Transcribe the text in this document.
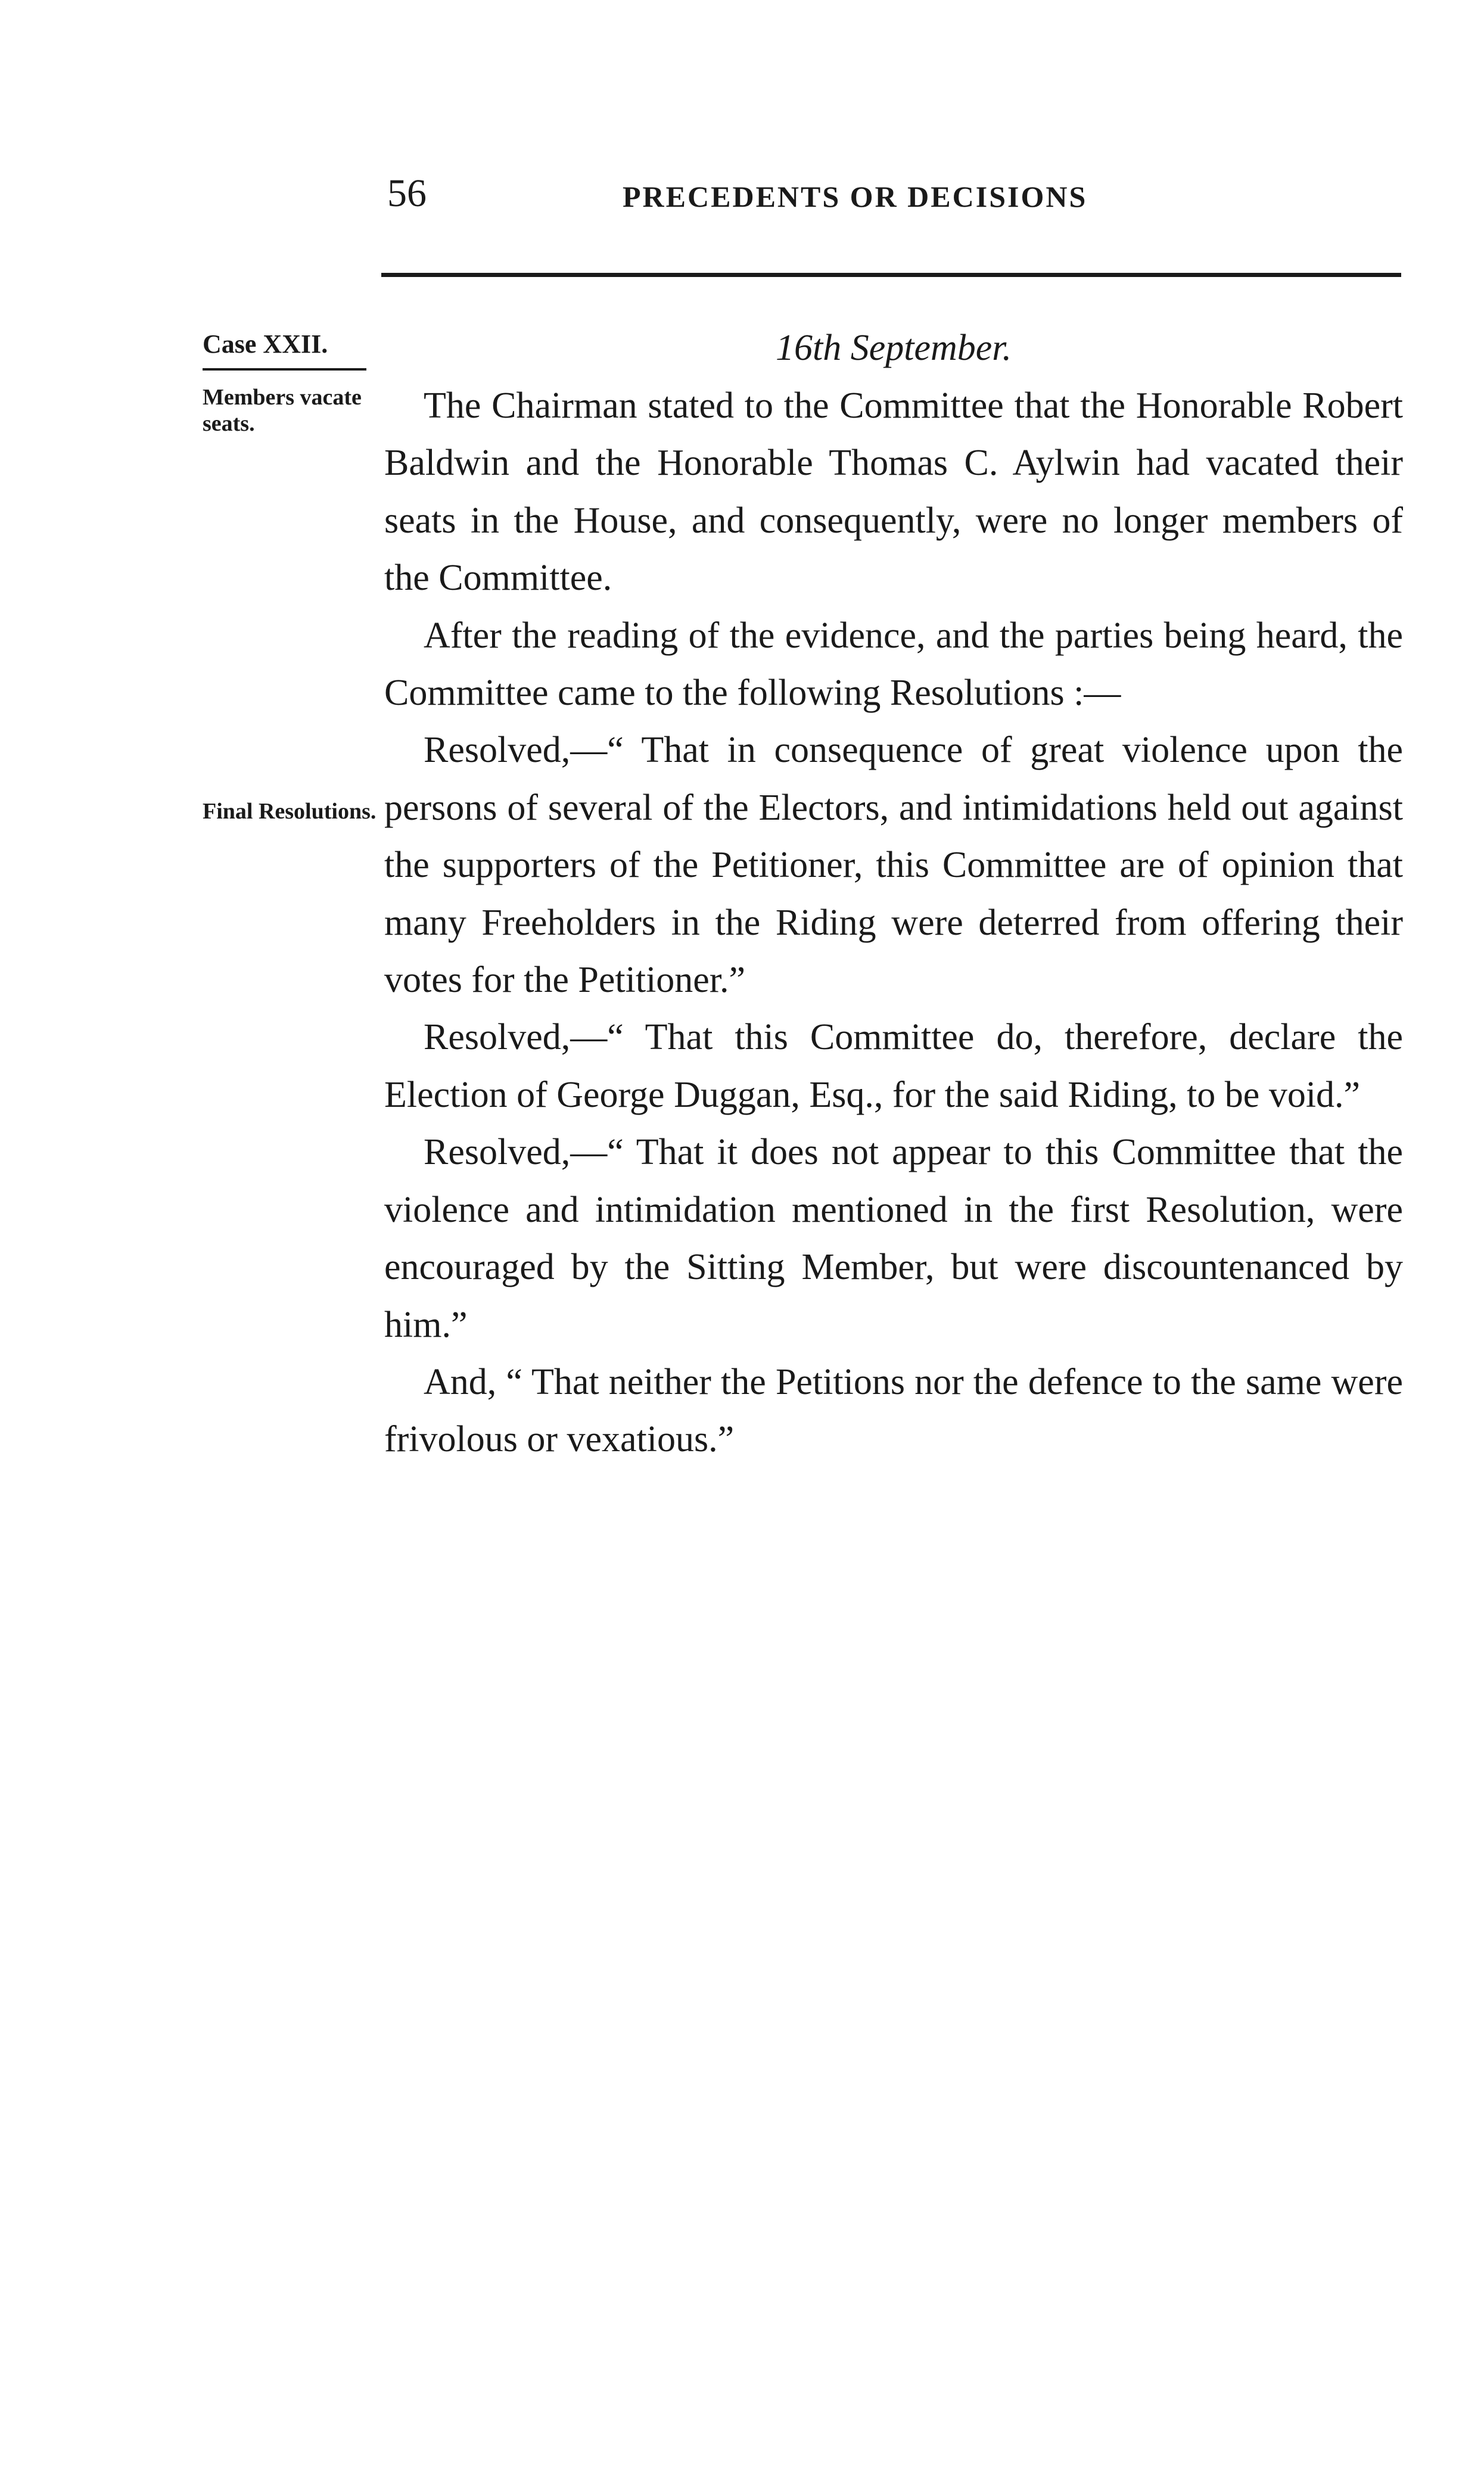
56	PRECEDENTS OR DECISIONS
Case XXII.
Members vacate seats.
Final Resolutions.

16th September.

The Chairman stated to the Committee that the Honorable Robert Baldwin and the Honorable Thomas C. Aylwin had vacated their seats in the House, and consequently, were no longer members of the Committee.

After the reading of the evidence, and the parties being heard, the Committee came to the following Resolutions :—

Resolved,—“ That in consequence of great violence upon the persons of several of the Electors, and intimidations held out against the supporters of the Petitioner, this Committee are of opinion that many Freeholders in the Riding were deterred from offering their votes for the Petitioner.”

Resolved,—“ That this Committee do, therefore, declare the Election of George Duggan, Esq., for the said Riding, to be void.”

Resolved,—“ That it does not appear to this Committee that the violence and intimidation mentioned in the first Resolution, were encouraged by the Sitting Member, but were discountenanced by him.”

And, “ That neither the Petitions nor the defence to the same were frivolous or vexatious.”
